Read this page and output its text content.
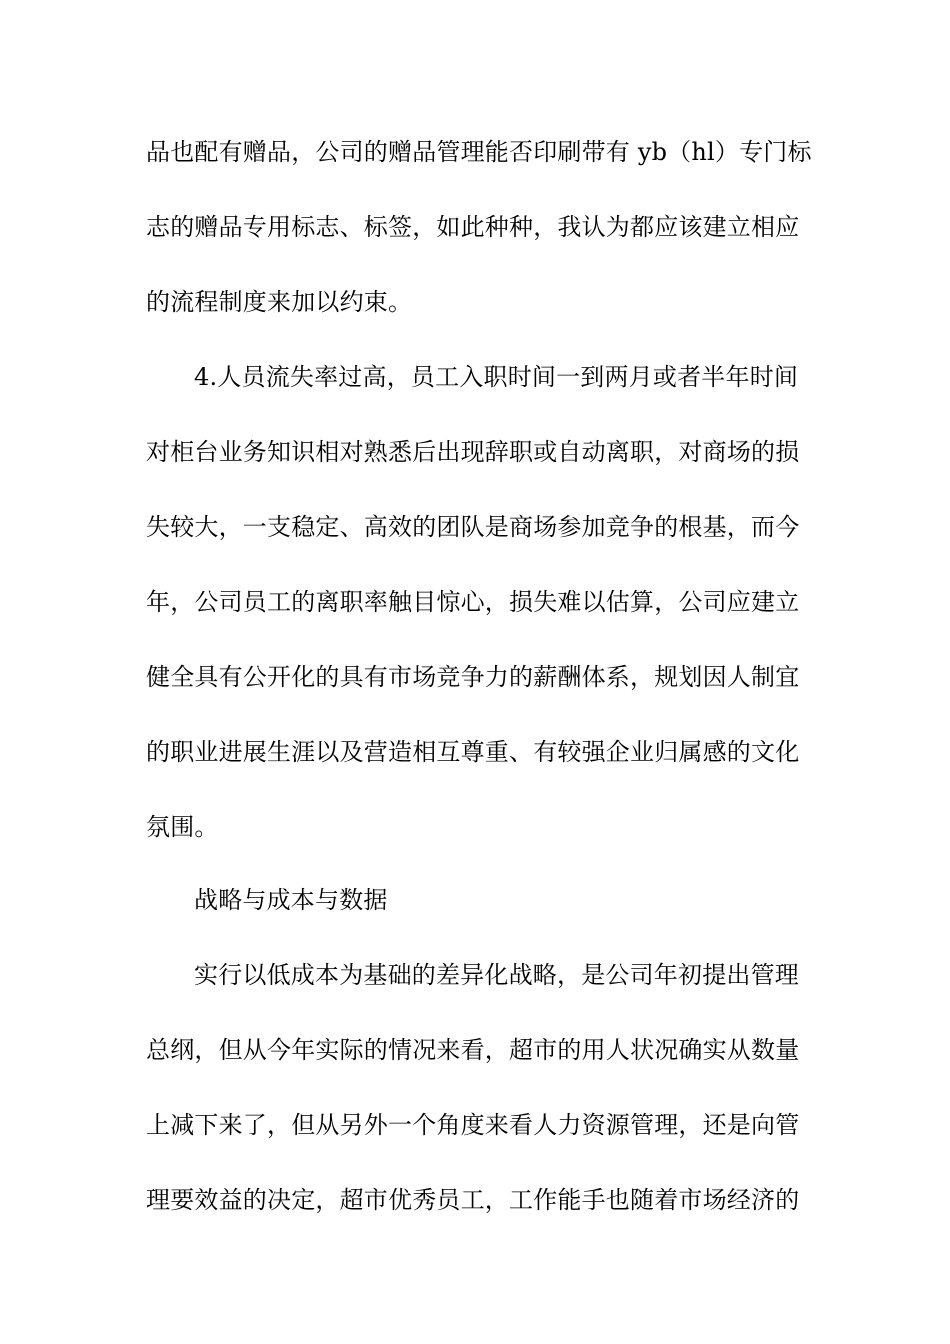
品也配有赠品，公司的赠品管理能否印刷带有 yb（hl）专门标
志的赠品专用标志、标签，如此种种，我认为都应该建立相应
的流程制度来加以约束。
4.人员流失率过高，员工入职时间一到两月或者半年时间
对柜台业务知识相对熟悉后出现辞职或自动离职，对商场的损
失较大，一支稳定、高效的团队是商场参加竞争的根基，而今
年，公司员工的离职率触目惊心，损失难以估算，公司应建立
健全具有公开化的具有市场竞争力的薪酬体系，规划因人制宜
的职业进展生涯以及营造相互尊重、有较强企业归属感的文化
氛围。
战略与成本与数据
实行以低成本为基础的差异化战略，是公司年初提出管理
总纲，但从今年实际的情况来看，超市的用人状况确实从数量
上减下来了，但从另外一个角度来看人力资源管理，还是向管
理要效益的决定，超市优秀员工，工作能手也随着市场经济的
